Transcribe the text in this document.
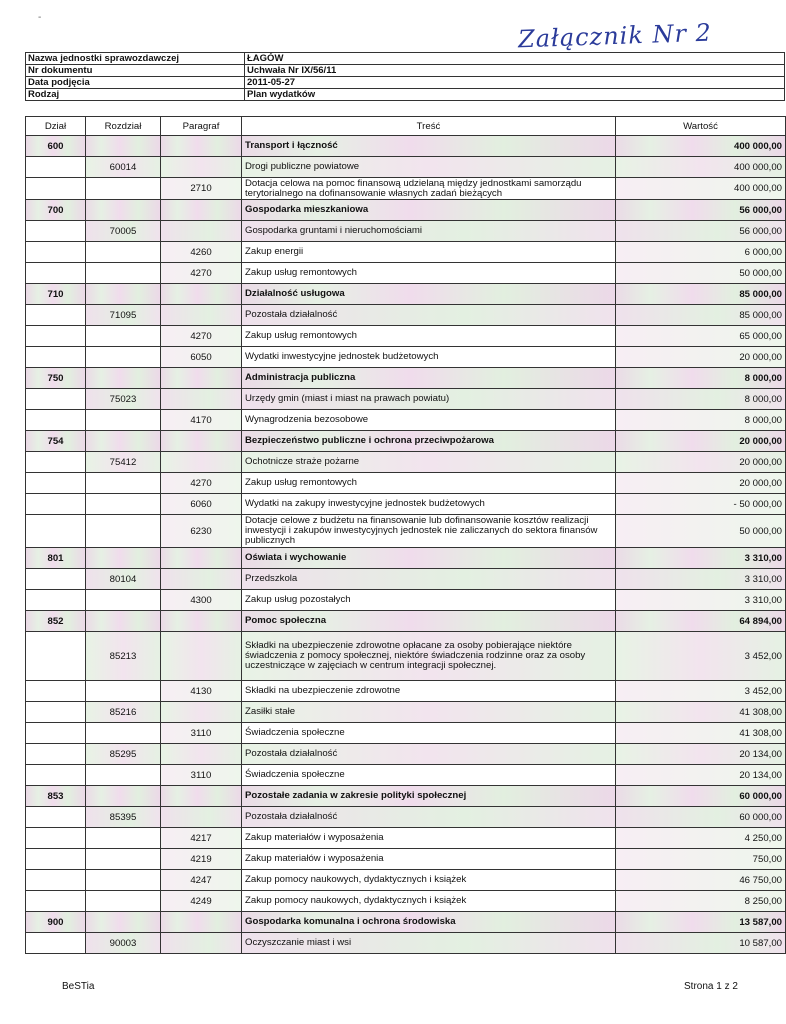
-
Załącznik Nr 2
Nazwa jednostki sprawozdawczej	ŁAGÓW
Nr dokumentu	Uchwała Nr IX/56/11
Data podjęcia	2011-05-27
Rodzaj	Plan wydatków
Dział	Rozdział	Paragraf	Treść	Wartość
600			Transport i łączność	400 000,00
	60014		Drogi publiczne powiatowe	400 000,00
		2710	Dotacja celowa na pomoc finansową udzielaną między jednostkami samorządu terytorialnego na dofinansowanie własnych zadań bieżących	400 000,00
700			Gospodarka mieszkaniowa	56 000,00
	70005		Gospodarka gruntami i nieruchomościami	56 000,00
		4260	Zakup energii	6 000,00
		4270	Zakup usług remontowych	50 000,00
710			Działalność usługowa	85 000,00
	71095		Pozostała działalność	85 000,00
		4270	Zakup usług remontowych	65 000,00
		6050	Wydatki inwestycyjne jednostek budżetowych	20 000,00
750			Administracja publiczna	8 000,00
	75023		Urzędy gmin (miast i miast na prawach powiatu)	8 000,00
		4170	Wynagrodzenia bezosobowe	8 000,00
754			Bezpieczeństwo publiczne i ochrona przeciwpożarowa	20 000,00
	75412		Ochotnicze straże pożarne	20 000,00
		4270	Zakup usług remontowych	20 000,00
		6060	Wydatki na zakupy inwestycyjne jednostek budżetowych	- 50 000,00
		6230	Dotacje celowe z budżetu na finansowanie lub dofinansowanie kosztów realizacji inwestycji i zakupów inwestycyjnych jednostek nie zaliczanych do sektora finansów publicznych	50 000,00
801			Oświata i wychowanie	3 310,00
	80104		Przedszkola	3 310,00
		4300	Zakup usług pozostałych	3 310,00
852			Pomoc społeczna	64 894,00
	85213		Składki na ubezpieczenie zdrowotne opłacane za osoby pobierające niektóre świadczenia z pomocy społecznej, niektóre świadczenia rodzinne oraz za osoby uczestniczące w zajęciach w centrum integracji społecznej.	3 452,00
		4130	Składki na ubezpieczenie zdrowotne	3 452,00
	85216		Zasiłki stałe	41 308,00
		3110	Świadczenia społeczne	41 308,00
	85295		Pozostała działalność	20 134,00
		3110	Świadczenia społeczne	20 134,00
853			Pozostałe zadania w zakresie polityki społecznej	60 000,00
	85395		Pozostała działalność	60 000,00
		4217	Zakup materiałów i wyposażenia	4 250,00
		4219	Zakup materiałów i wyposażenia	750,00
		4247	Zakup pomocy naukowych, dydaktycznych i książek	46 750,00
		4249	Zakup pomocy naukowych, dydaktycznych i książek	8 250,00
900			Gospodarka komunalna i ochrona środowiska	13 587,00
	90003		Oczyszczanie miast i wsi	10 587,00
BeSTia	Strona 1 z 2
